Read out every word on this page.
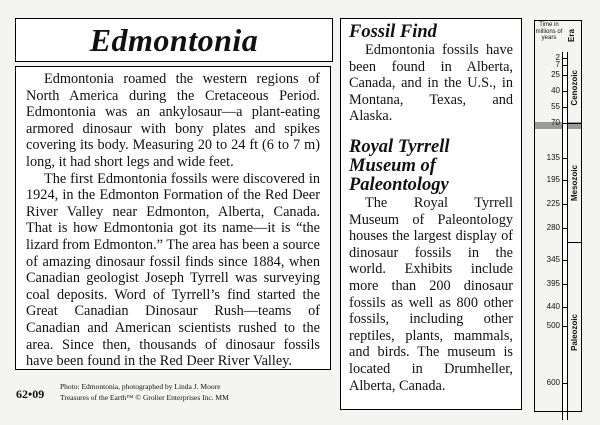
Edmontonia

Edmontonia roamed the western regions of North America during the Cretaceous Period. Edmontonia was an ankylosaur—a plant-eating armored dinosaur with bony plates and spikes covering its body. Measuring 20 to 24 ft (6 to 7 m) long, it had short legs and wide feet.

The first Edmontonia fossils were discovered in 1924, in the Edmonton Formation of the Red Deer River Valley near Edmonton, Alberta, Canada. That is how Edmontonia got its name—it is “the lizard from Edmonton.” The area has been a source of amazing dinosaur fossil finds since 1884, when Canadian geologist Joseph Tyrrell was surveying coal deposits. Word of Tyrrell’s find started the Great Canadian Dinosaur Rush—teams of Canadian and American scientists rushed to the area. Since then, thousands of dinosaur fossils have been found in the Red Deer River Valley.

62•09
Photo: Edmontonia, photographed by Linda J. Moore
Treasures of the Earth™ © Grolier Enterprises Inc. MM
Fossil Find

Edmontonia fossils have been found in Alberta, Canada, and in the U.S., in Montana, Texas, and Alaska.

Royal Tyrrell Museum of Paleontology

The Royal Tyrrell Museum of Paleontology houses the largest display of dinosaur fossils in the world. Exhibits include more than 200 dinosaur fossils as well as 800 other fossils, including other reptiles, plants, mammals, and birds. The museum is located in Drumheller, Alberta, Canada.

Time in millions of years	Era
Cenozoic
Mesozoic
Paleozoic
2
7
25
40
55
70
135
195
225
280
345
395
440
500
600
